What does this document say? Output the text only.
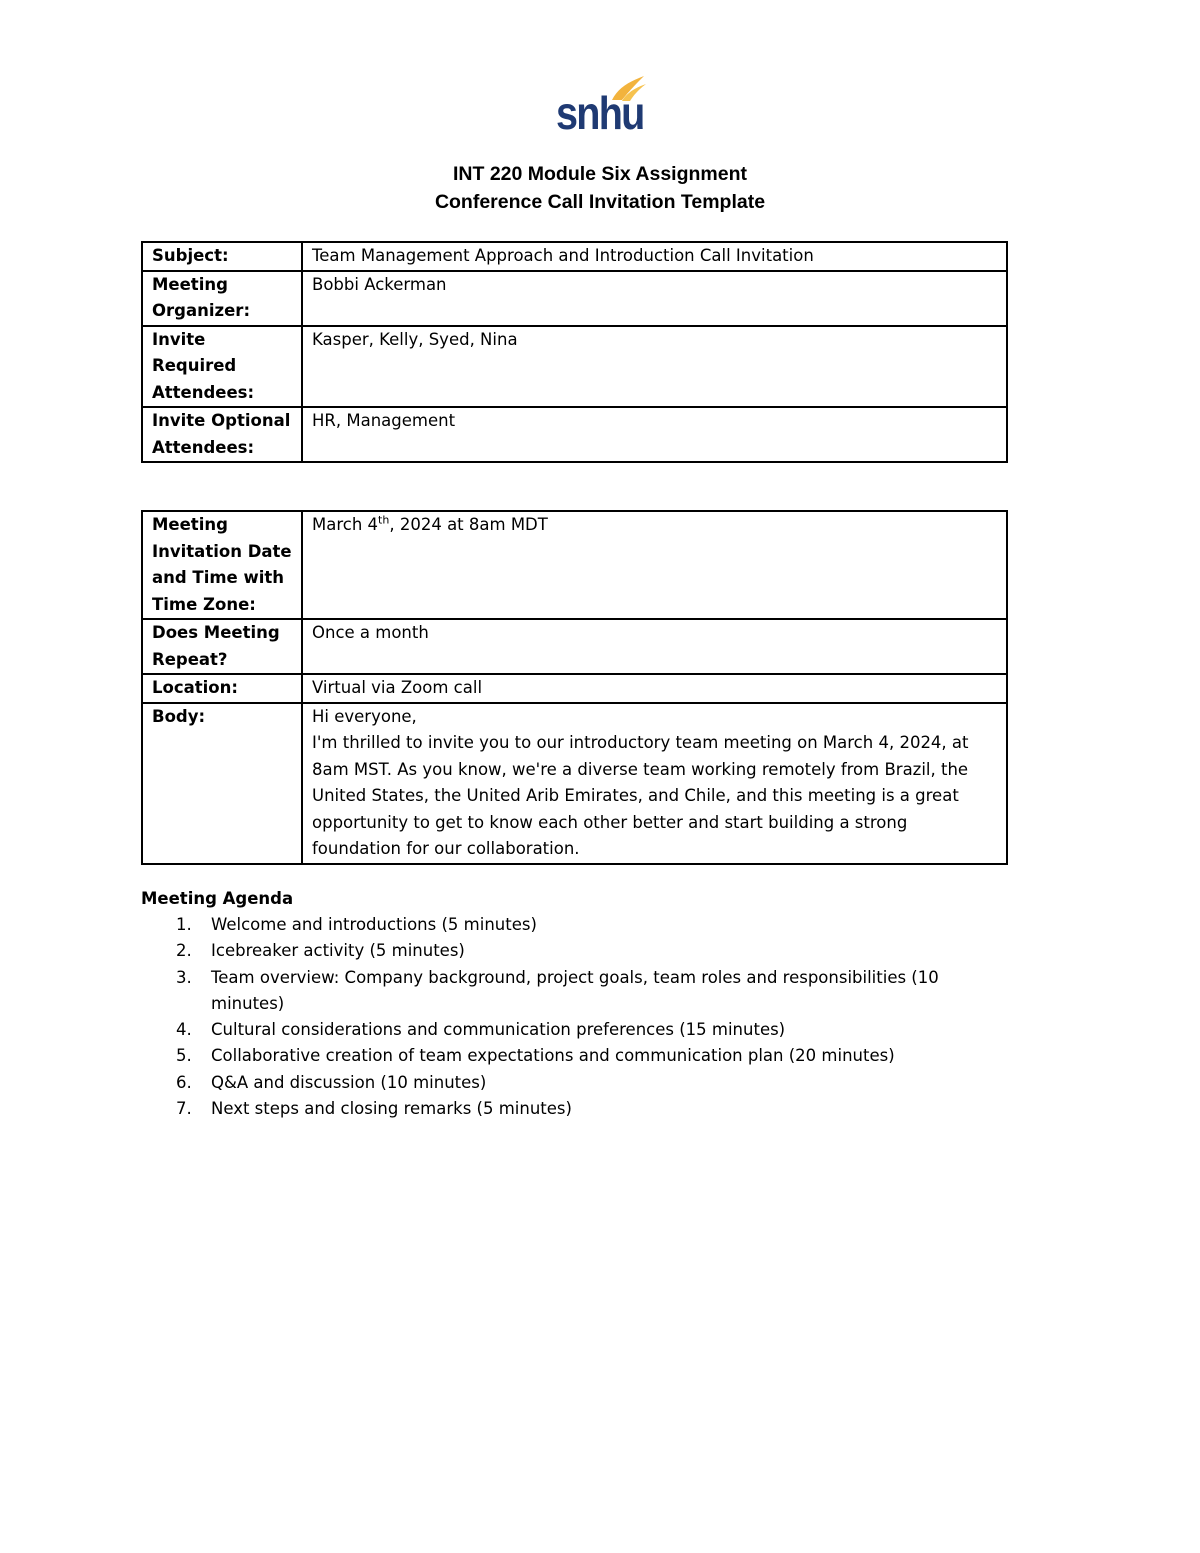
snhu
INT 220 Module Six Assignment
Conference Call Invitation Template
Subject:	Team Management Approach and Introduction Call Invitation
Meeting Organizer:	Bobbi Ackerman
Invite Required Attendees:	Kasper, Kelly, Syed, Nina
Invite Optional Attendees:	HR, Management
Meeting Invitation Date and Time with Time Zone:	March 4th, 2024 at 8am MDT
Does Meeting Repeat?	Once a month
Location:	Virtual via Zoom call
Body:	Hi everyone,
I'm thrilled to invite you to our introductory team meeting on March 4, 2024, at 8am MST. As you know, we're a diverse team working remotely from Brazil, the United States, the United Arib Emirates, and Chile, and this meeting is a great opportunity to get to know each other better and start building a strong foundation for our collaboration.
Meeting Agenda
1. Welcome and introductions (5 minutes)
2. Icebreaker activity (5 minutes)
3. Team overview: Company background, project goals, team roles and responsibilities (10 minutes)
4. Cultural considerations and communication preferences (15 minutes)
5. Collaborative creation of team expectations and communication plan (20 minutes)
6. Q&A and discussion (10 minutes)
7. Next steps and closing remarks (5 minutes)
